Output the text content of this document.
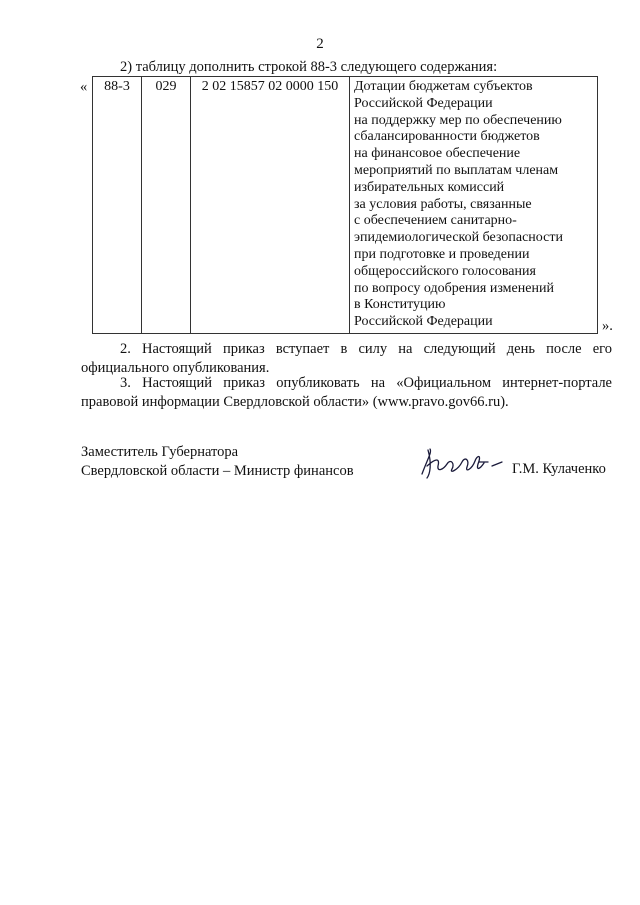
2
2) таблицу дополнить строкой 88-3 следующего содержания:
« 88-3	029	2 02 15857 02 0000 150	Дотации бюджетам субъектов
Российской Федерации
на поддержку мер по обеспечению
сбалансированности бюджетов
на финансовое обеспечение
мероприятий по выплатам членам
избирательных комиссий
за условия работы, связанные
с обеспечением санитарно-
эпидемиологической безопасности
при подготовке и проведении
общероссийского голосования
по вопросу одобрения изменений
в Конституцию
Российской Федерации	».
2. Настоящий приказ вступает в силу на следующий день после его
официального опубликования.
3. Настоящий приказ опубликовать на «Официальном интернет-портале
правовой информации Свердловской области» (www.pravo.gov66.ru).
Заместитель Губернатора
Свердловской области – Министр финансов	Г.М. Кулаченко
